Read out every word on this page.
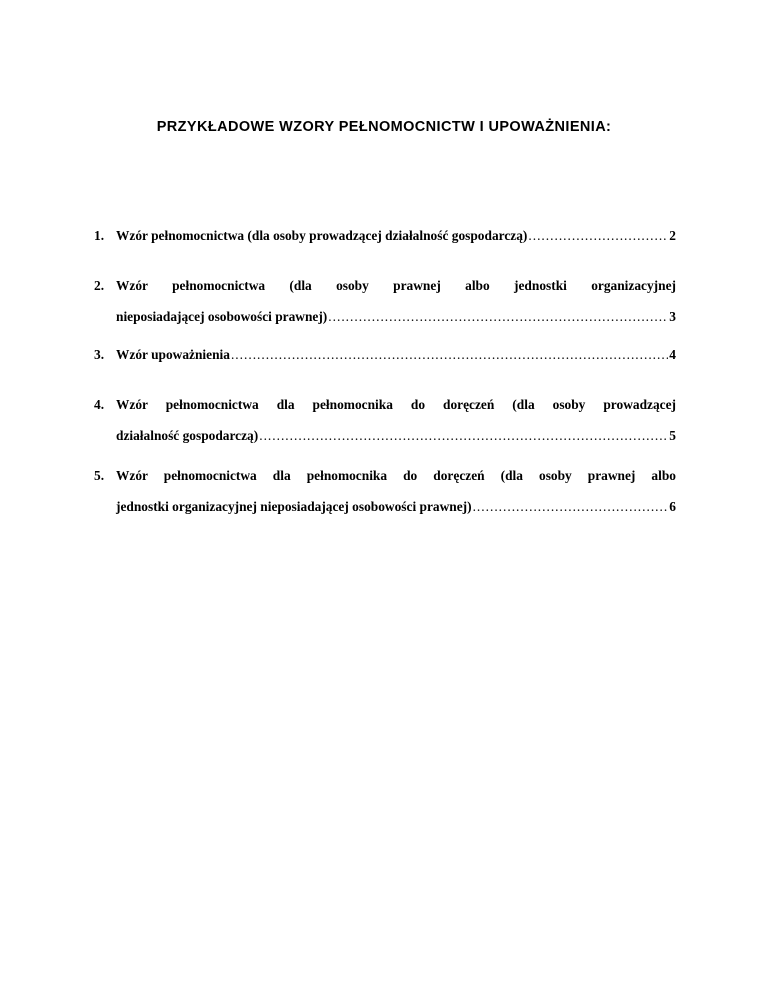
PRZYKŁADOWE WZORY PEŁNOMOCNICTW I UPOWAŻNIENIA:
1. Wzór pełnomocnictwa (dla osoby prowadzącej działalność gospodarczą) .....	2
2. Wzór pełnomocnictwa (dla osoby prawnej albo jednostki organizacyjnej
nieposiadającej osobowości prawnej) .....	3
3. Wzór upoważnienia .....	4
4. Wzór pełnomocnictwa dla pełnomocnika do doręczeń (dla osoby prowadzącej
działalność gospodarczą) .....	5
5. Wzór pełnomocnictwa dla pełnomocnika do doręczeń (dla osoby prawnej albo
jednostki organizacyjnej nieposiadającej osobowości prawnej) .....	6
